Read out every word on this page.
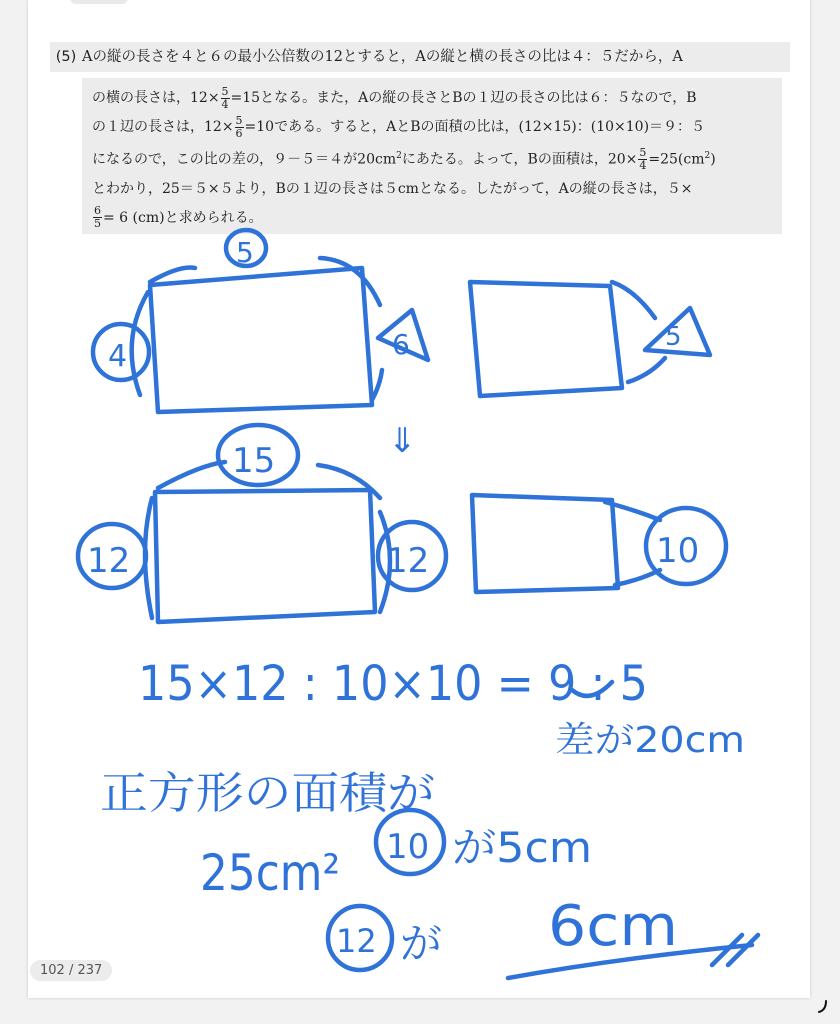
(5) Aの縦の長さを４と６の最小公倍数の12とすると，Aの縦と横の長さの比は４：５だから，A

の横の長さは，$12\times \frac{5}{4} =15$となる。また，Aの縦の長さとBの１辺の長さの比は６：５なので，B

の１辺の長さは，$12\times \frac{5}{6} =10$である。すると，AとBの面積の比は，(12×15)：(10×10)＝９：５

になるので，この比の差の，９－５＝４が$20cm^2$にあたる。よって，Bの面積は，$20\times \frac{5}{4} =25(cm^2)$

とわかり，25＝５×５より，Bの１辺の長さは５cmとなる。したがって，Aの縦の長さは，５×

$\frac{6}{5} = 6$ (cm)と求められる。

5
4	6	5
⇓
15
12	12	10
15×12 : 10×10 = 9 : 5
差が20cm
正方形の面積が
25cm² 10 が5cm
12 が 6cm
102 / 237
